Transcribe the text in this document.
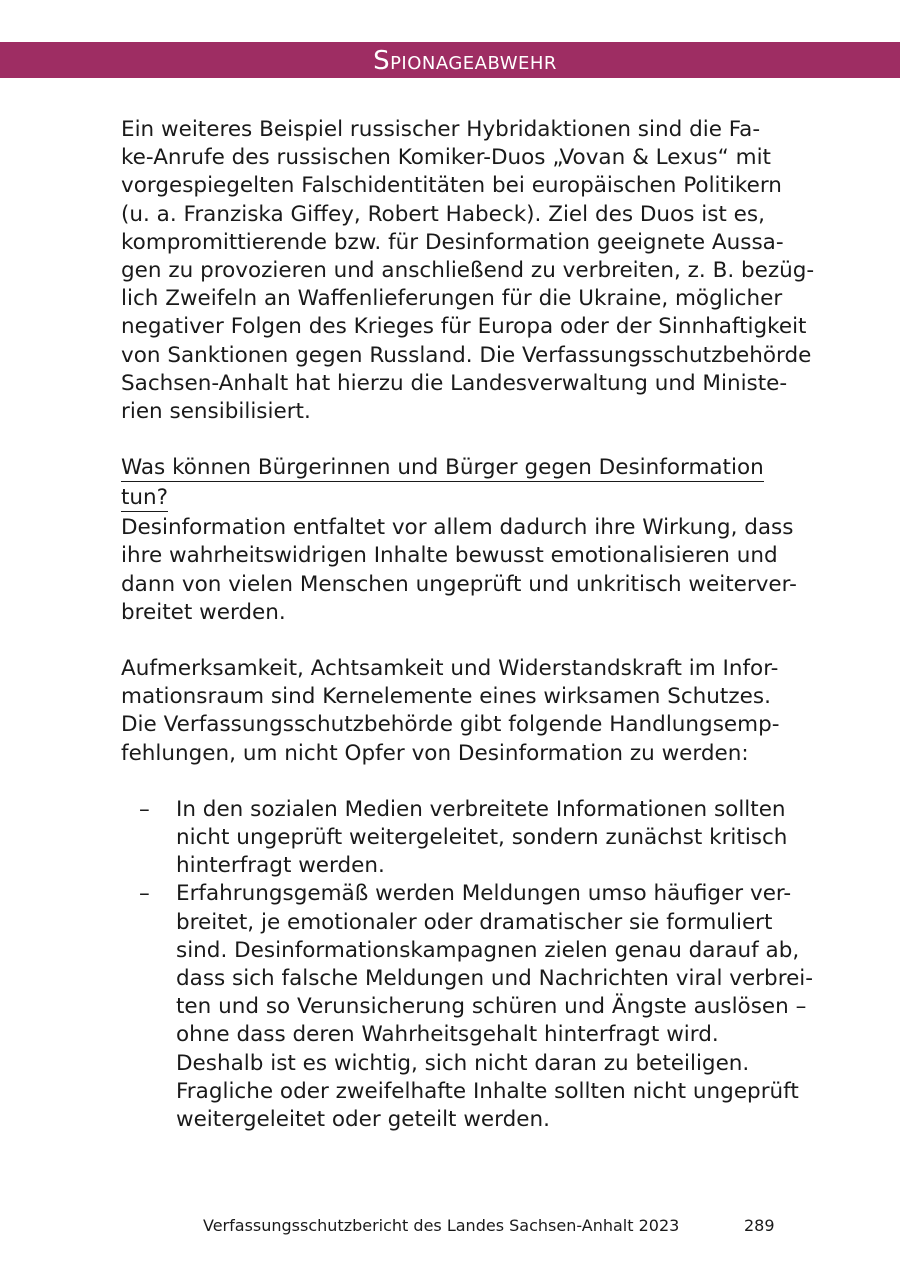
Spionageabwehr
Ein weiteres Beispiel russischer Hybridaktionen sind die Fa-
ke-Anrufe des russischen Komiker-Duos „Vovan & Lexus“ mit
vorgespiegelten Falschidentitäten bei europäischen Politikern
(u. a. Franziska Giffey, Robert Habeck). Ziel des Duos ist es,
kompromittierende bzw. für Desinformation geeignete Aussa-
gen zu provozieren und anschließend zu verbreiten, z. B. bezüg-
lich Zweifeln an Waffenlieferungen für die Ukraine, möglicher
negativer Folgen des Krieges für Europa oder der Sinnhaftigkeit
von Sanktionen gegen Russland. Die Verfassungsschutzbehörde
Sachsen-Anhalt hat hierzu die Landesverwaltung und Ministe-
rien sensibilisiert.
Was können Bürgerinnen und Bürger gegen Desinformation
tun?
Desinformation entfaltet vor allem dadurch ihre Wirkung, dass
ihre wahrheitswidrigen Inhalte bewusst emotionalisieren und
dann von vielen Menschen ungeprüft und unkritisch weiterver-
breitet werden.
Aufmerksamkeit, Achtsamkeit und Widerstandskraft im Infor-
mationsraum sind Kernelemente eines wirksamen Schutzes.
Die Verfassungsschutzbehörde gibt folgende Handlungsemp-
fehlungen, um nicht Opfer von Desinformation zu werden:
– In den sozialen Medien verbreitete Informationen sollten
nicht ungeprüft weitergeleitet, sondern zunächst kritisch
hinterfragt werden.
– Erfahrungsgemäß werden Meldungen umso häufiger ver-
breitet, je emotionaler oder dramatischer sie formuliert
sind. Desinformationskampagnen zielen genau darauf ab,
dass sich falsche Meldungen und Nachrichten viral verbrei-
ten und so Verunsicherung schüren und Ängste auslösen –
ohne dass deren Wahrheitsgehalt hinterfragt wird.
Deshalb ist es wichtig, sich nicht daran zu beteiligen.
Fragliche oder zweifelhafte Inhalte sollten nicht ungeprüft
weitergeleitet oder geteilt werden.
Verfassungsschutzbericht des Landes Sachsen-Anhalt 2023	289
